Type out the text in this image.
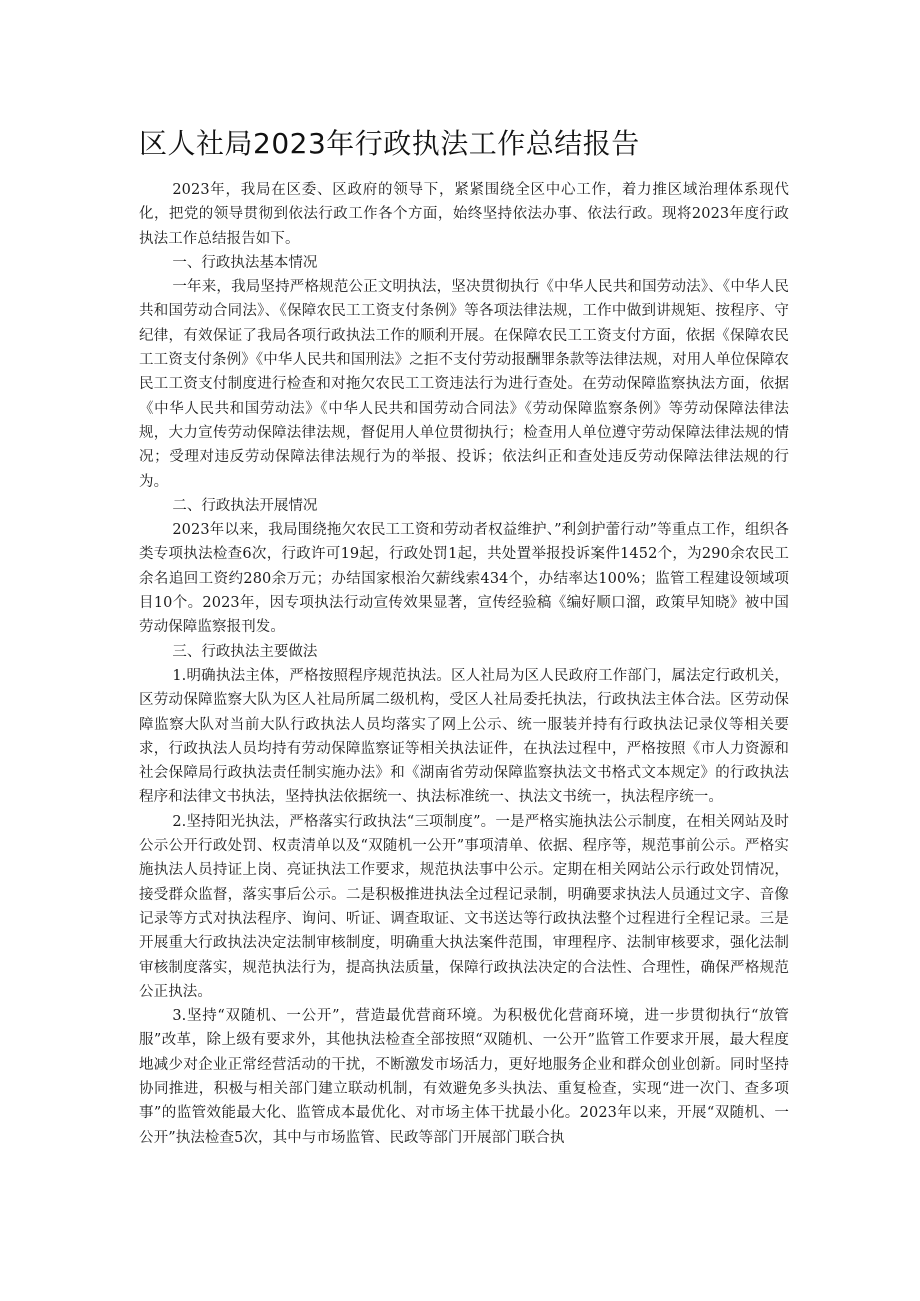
区人社局2023年行政执法工作总结报告

2023年，我局在区委、区政府的领导下，紧紧围绕全区中心工作，着力推区域治理体系现代化，把党的领导贯彻到依法行政工作各个方面，始终坚持依法办事、依法行政。现将2023年度行政执法工作总结报告如下。

一、行政执法基本情况

一年来，我局坚持严格规范公正文明执法，坚决贯彻执行《中华人民共和国劳动法》、《中华人民共和国劳动合同法》、《保障农民工工资支付条例》等各项法律法规，工作中做到讲规矩、按程序、守纪律，有效保证了我局各项行政执法工作的顺利开展。在保障农民工工资支付方面，依据《保障农民工工资支付条例》《中华人民共和国刑法》之拒不支付劳动报酬罪条款等法律法规，对用人单位保障农民工工资支付制度进行检查和对拖欠农民工工资违法行为进行查处。在劳动保障监察执法方面，依据《中华人民共和国劳动法》《中华人民共和国劳动合同法》《劳动保障监察条例》等劳动保障法律法规，大力宣传劳动保障法律法规，督促用人单位贯彻执行；检查用人单位遵守劳动保障法律法规的情况；受理对违反劳动保障法律法规行为的举报、投诉；依法纠正和查处违反劳动保障法律法规的行为。

二、行政执法开展情况

2023年以来，我局围绕拖欠农民工工资和劳动者权益维护、”利剑护蕾行动”等重点工作，组织各类专项执法检查6次，行政许可19起，行政处罚1起，共处置举报投诉案件1452个，为290余农民工余名追回工资约280余万元；办结国家根治欠薪线索434个，办结率达100%；监管工程建设领域项目10个。2023年，因专项执法行动宣传效果显著，宣传经验稿《编好顺口溜，政策早知晓》被中国劳动保障监察报刊发。

三、行政执法主要做法

1.明确执法主体，严格按照程序规范执法。区人社局为区人民政府工作部门，属法定行政机关，区劳动保障监察大队为区人社局所属二级机构，受区人社局委托执法，行政执法主体合法。区劳动保障监察大队对当前大队行政执法人员均落实了网上公示、统一服装并持有行政执法记录仪等相关要求，行政执法人员均持有劳动保障监察证等相关执法证件，在执法过程中，严格按照《市人力资源和社会保障局行政执法责任制实施办法》和《湖南省劳动保障监察执法文书格式文本规定》的行政执法程序和法律文书执法，坚持执法依据统一、执法标准统一、执法文书统一，执法程序统一。

2.坚持阳光执法，严格落实行政执法“三项制度”。一是严格实施执法公示制度，在相关网站及时公示公开行政处罚、权责清单以及“双随机一公开”事项清单、依据、程序等，规范事前公示。严格实施执法人员持证上岗、亮证执法工作要求，规范执法事中公示。定期在相关网站公示行政处罚情况，接受群众监督，落实事后公示。二是积极推进执法全过程记录制，明确要求执法人员通过文字、音像记录等方式对执法程序、询问、听证、调查取证、文书送达等行政执法整个过程进行全程记录。三是开展重大行政执法决定法制审核制度，明确重大执法案件范围，审理程序、法制审核要求，强化法制审核制度落实，规范执法行为，提高执法质量，保障行政执法决定的合法性、合理性，确保严格规范公正执法。

3.坚持“双随机、一公开”，营造最优营商环境。为积极优化营商环境，进一步贯彻执行“放管服”改革，除上级有要求外，其他执法检查全部按照“双随机、一公开”监管工作要求开展，最大程度地减少对企业正常经营活动的干扰，不断激发市场活力，更好地服务企业和群众创业创新。同时坚持协同推进，积极与相关部门建立联动机制，有效避免多头执法、重复检查，实现“进一次门、查多项事”的监管效能最大化、监管成本最优化、对市场主体干扰最小化。2023年以来，开展“双随机、一公开”执法检查5次，其中与市场监管、民政等部门开展部门联合执
